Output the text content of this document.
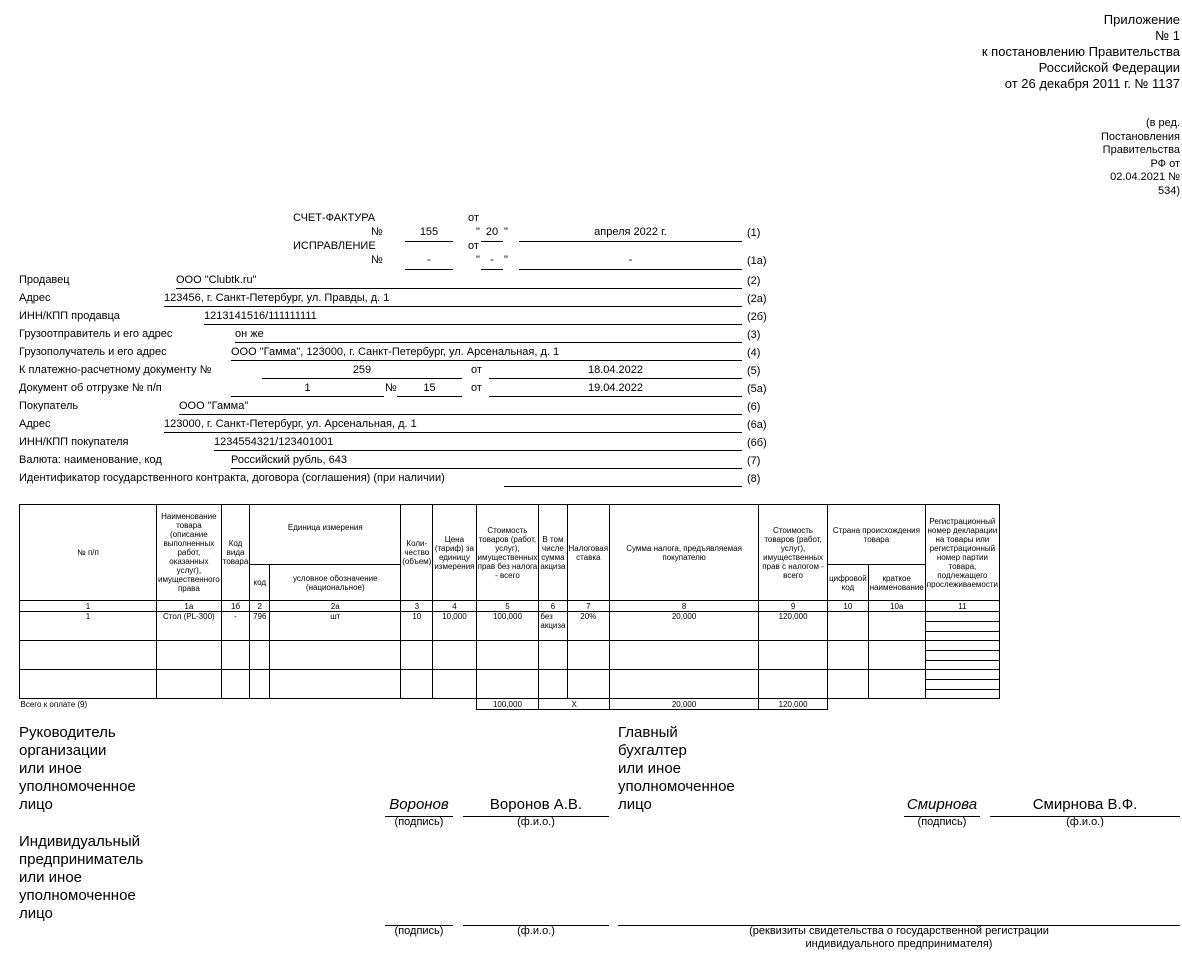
Приложение
№ 1
к постановлению Правительства
Российской Федерации
от 26 декабря 2011 г. № 1137
(в ред.
Постановления
Правительства
РФ от
02.04.2021 №
534)
СЧЕТ-ФАКТУРА
№	155
от
" 20 "	апреля 2022 г.	(1)
ИСПРАВЛЕНИЕ
№	-
от
" - "	-	(1а)
Продавец	ООО "Clubtk.ru"	(2)
Адрес	123456, г. Санкт-Петербург, ул. Правды, д. 1	(2а)
ИНН/КПП продавца	1213141516/111111111	(2б)
Грузоотправитель и его адрес	он же	(3)
Грузополучатель и его адрес	ООО "Гамма", 123000, г. Санкт-Петербург, ул. Арсенальная, д. 1	(4)
К платежно-расчетному документу №	259	от	18.04.2022	(5)
Документ об отгрузке № п/п	1	№	15	от	19.04.2022	(5а)
Покупатель	ООО "Гамма"	(6)
Адрес	123000, г. Санкт-Петербург, ул. Арсенальная, д. 1	(6а)
ИНН/КПП покупателя	1234554321/123401001	(6б)
Валюта: наименование, код	Российский рубль, 643	(7)
Идентификатор государственного контракта, договора (соглашения) (при наличии)	(8)
№ п/п	Наименование товара (описание выполненных работ, оказанных услуг), имущественного права	Код вида товара	Единица измерения		Коли-чество (объем)	Цена (тариф) за единицу измерения	Стоимость товаров (работ, услуг), имущественных прав без налога - всего	В том числе сумма акциза	Налоговая ставка	Сумма налога, предъявляемая покупателю	Стоимость товаров (работ, услуг), имущественных прав с налогом - всего	Страна происхождения товара		Регистрационный номер декларации на товары или регистрационный номер партии товара, подлежащего прослеживаемости
			код	условное обозначение (национальное)								цифровой код	краткое наименование	
1	1а	1б	2	2а	3	4	5	6	7	8	9	10	10а	11
1	Стол (PL-300)	-	796	шт	10	10,000	100,000	без акциза	20%	20,000	120,000			

Всего к оплате (9)							100,000	Х		20,000	120,000			
Руководитель
организации
или иное
уполномоченное
лицо	Воронов
(подпись)
Воронов А.В.
(ф.и.о.)
Главный
бухгалтер
или иное
уполномоченное
лицо	Смирнова
(подпись)
Смирнова В.Ф.
(ф.и.о.)
Индивидуальный
предприниматель
или иное
уполномоченное
лицо
(подпись)	(ф.и.о.)	(реквизиты свидетельства о государственной регистрации
индивидуального предпринимателя)
